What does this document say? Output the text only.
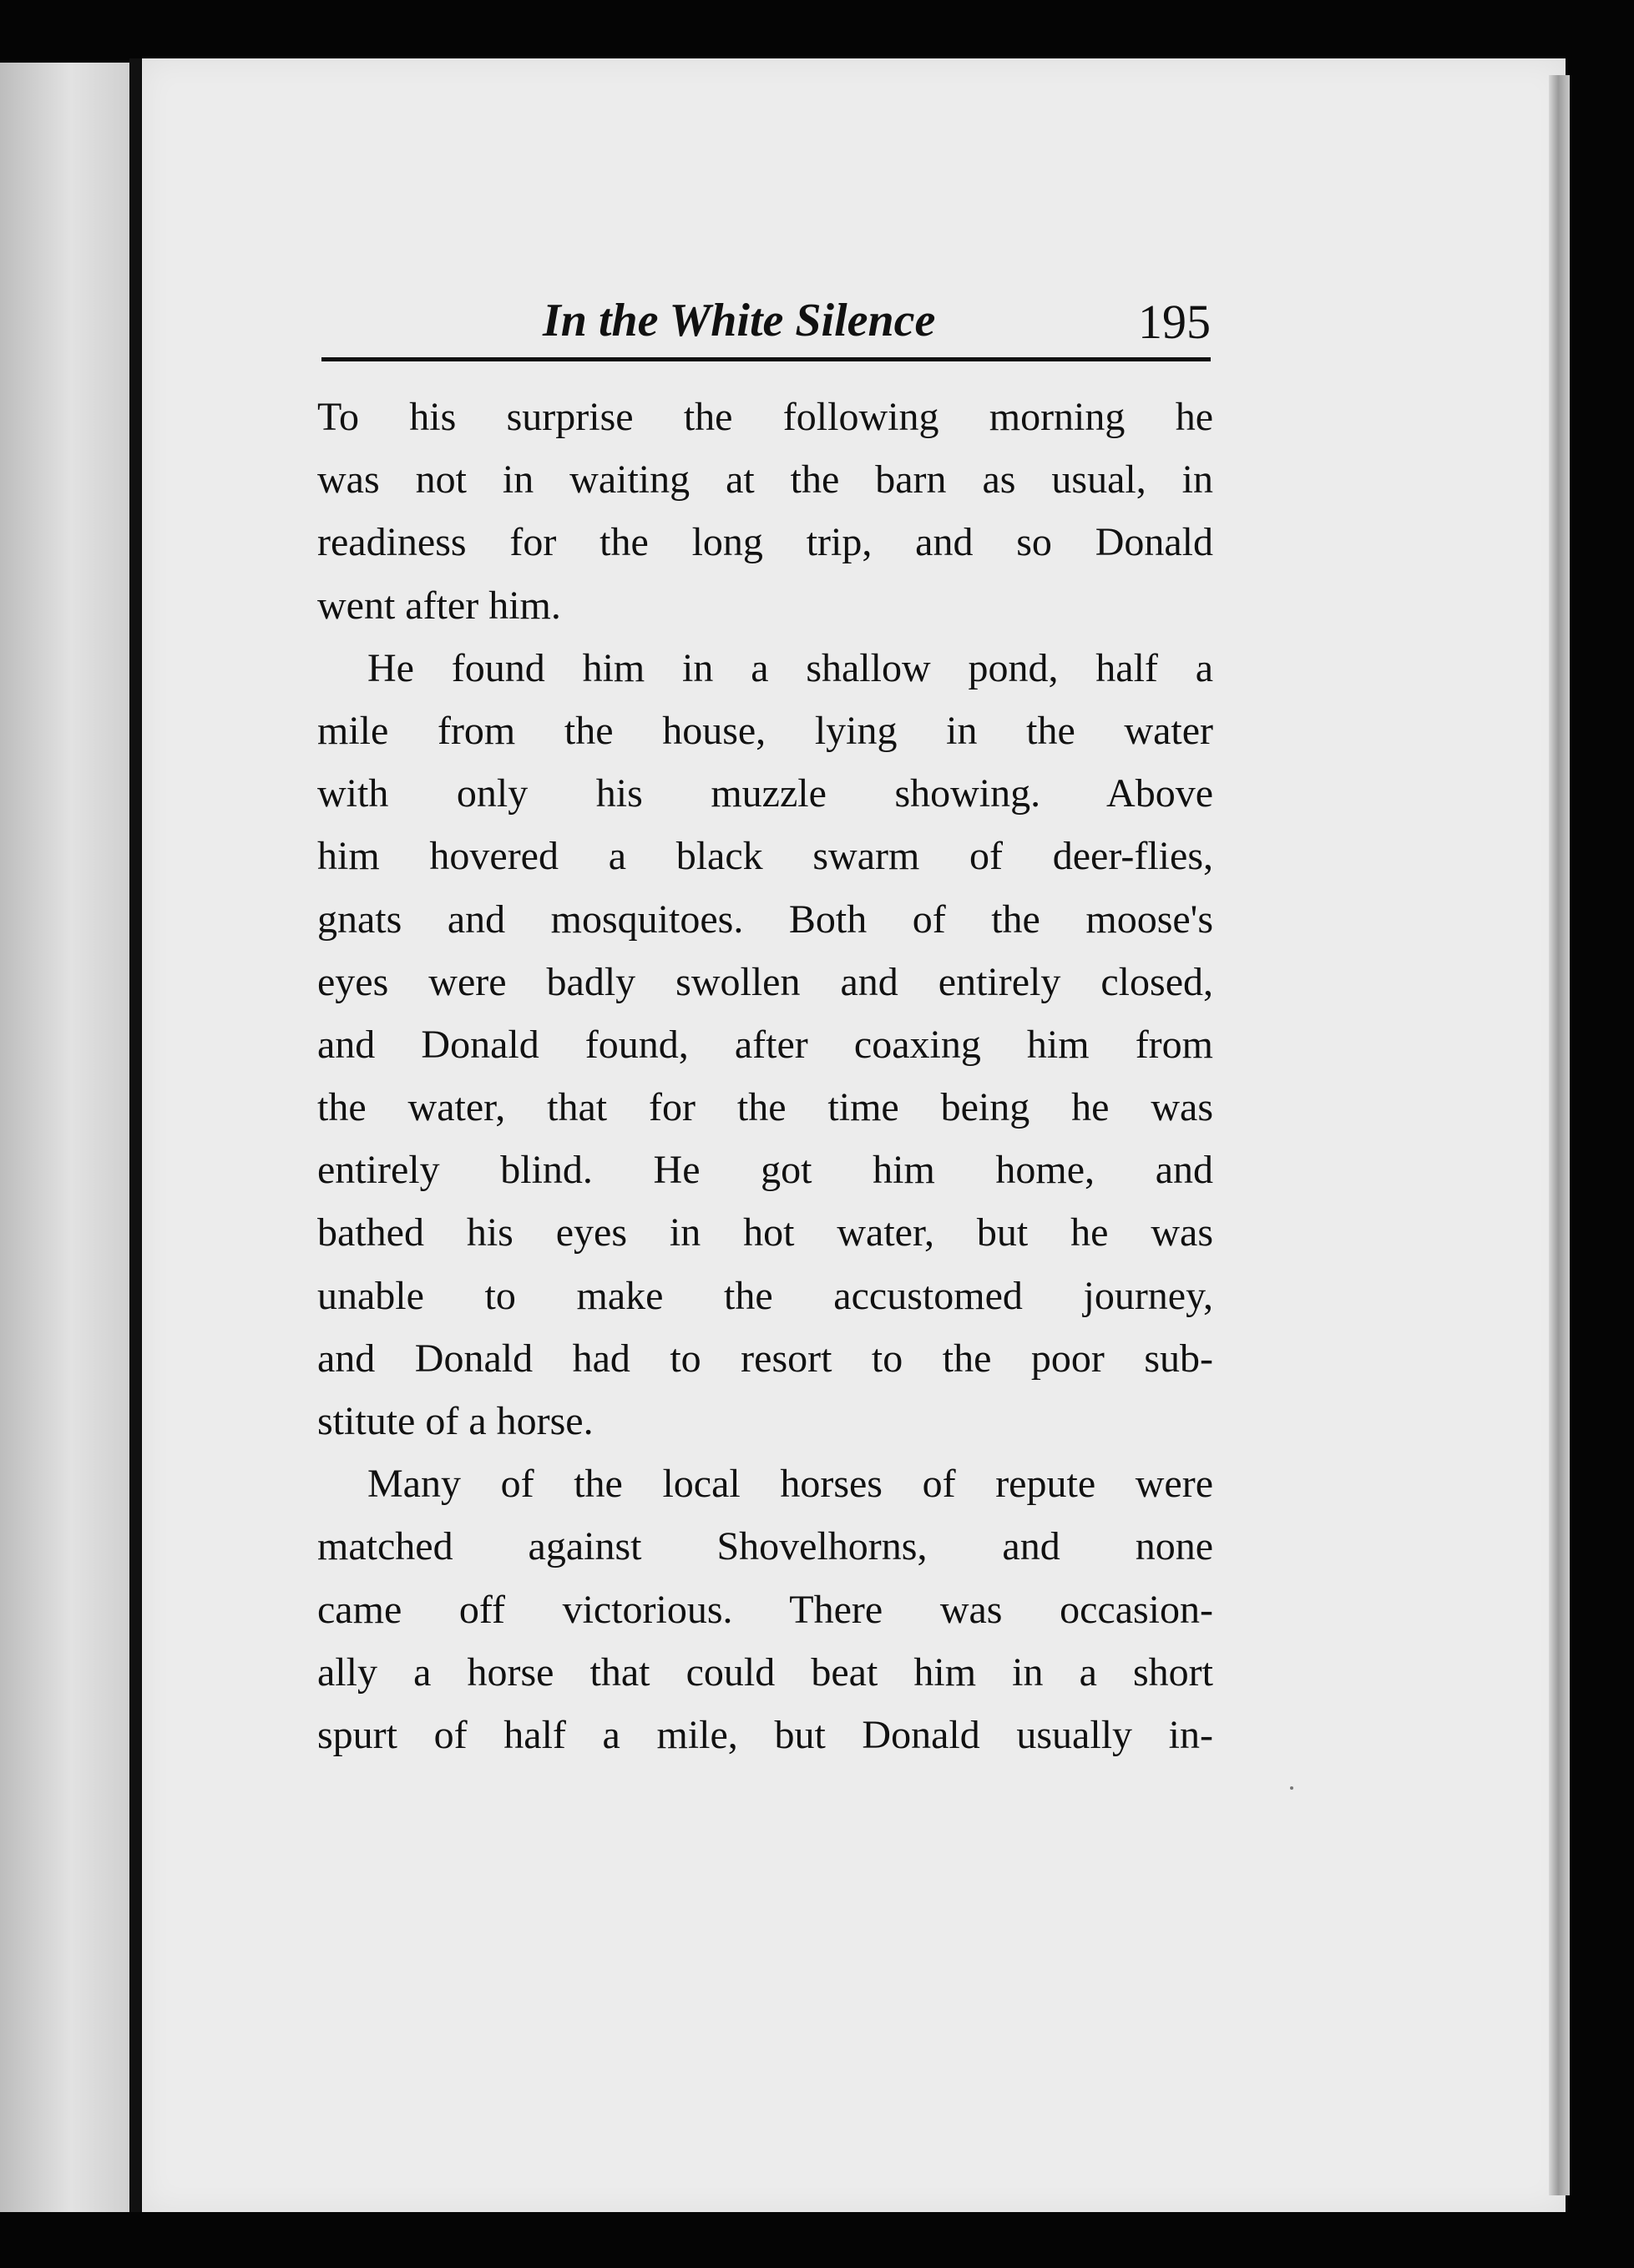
In the White Silence	195
To his surprise the following morning he
was not in waiting at the barn as usual, in
readiness for the long trip, and so Donald
went after him.
He found him in a shallow pond, half a
mile from the house, lying in the water
with only his muzzle showing. Above
him hovered a black swarm of deer-flies,
gnats and mosquitoes. Both of the moose's
eyes were badly swollen and entirely closed,
and Donald found, after coaxing him from
the water, that for the time being he was
entirely blind. He got him home, and
bathed his eyes in hot water, but he was
unable to make the accustomed journey,
and Donald had to resort to the poor sub-
stitute of a horse.
Many of the local horses of repute were
matched against Shovelhorns, and none
came off victorious. There was occasion-
ally a horse that could beat him in a short
spurt of half a mile, but Donald usually in-
